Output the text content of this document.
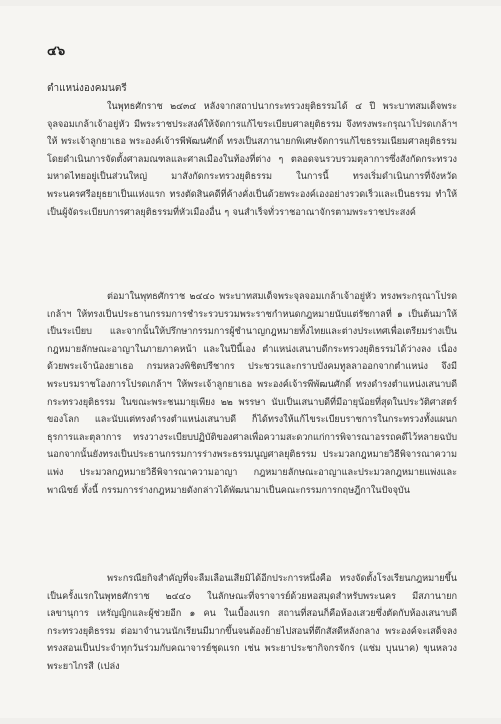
๔๖
ตำแหน่งองคมนตรี

ในพุทธศักราช ๒๔๓๔ หลังจากสถาปนากระทรวงยุติธรรมได้ ๔ ปี พระบาทสมเด็จพระจุลจอมเกล้าเจ้าอยู่หัว มีพระราชประสงค์ให้จัดการแก้ไขระเบียบศาลยุติธรรม จึงทรงพระกรุณาโปรดเกล้าฯ ให้ พระเจ้าลูกยาเธอ พระองค์เจ้ารพีพัฒนศักดิ์ ทรงเป็นสภานายกพิเศษจัดการแก้ไขธรรมเนียมศาลยุติธรรมโดยดำเนินการจัดตั้งศาลมณฑลและศาลเมืองในท้องที่ต่าง ๆ ตลอดจนรวบรวมตุลาการซึ่งสังกัดกระทรวงมหาดไทยอยู่เป็นส่วนใหญ่ มาสังกัดกระทรวงยุติธรรม ในการนี้ ทรงเริ่มดำเนินการที่จังหวัดพระนครศรีอยุธยาเป็นแห่งแรก ทรงตัดสินคดีที่ค้างคั่งเป็นด้วยพระองค์เองอย่างรวดเร็วและเป็นธรรม ทำให้เป็นผู้จัดระเบียบการศาลยุติธรรมที่หัวเมืองอื่น ๆ จนสำเร็จทั่วราชอาณาจักรตามพระราชประสงค์

ต่อมาในพุทธศักราช ๒๔๔๐ พระบาทสมเด็จพระจุลจอมเกล้าเจ้าอยู่หัว ทรงพระกรุณาโปรดเกล้าฯ ให้ทรงเป็นประธานกรรมการชำระรวบรวมพระราชกำหนดกฎหมายนับแต่รัชกาลที่ ๑ เป็นต้นมาให้เป็นระเบียบ และจากนั้นให้ปรึกษากรรมการผู้ชำนาญกฎหมายทั้งไทยและต่างประเทศเพื่อเตรียมร่างเป็นกฎหมายลักษณะอาญาในภายภาคหน้า และในปีนี้เอง ตำแหน่งเสนาบดีกระทรวงยุติธรรมได้ว่างลง เนื่องด้วยพระเจ้าน้องยาเธอ กรมหลวงพิชิตปรีชากร ประชวรและกราบบังคมทูลลาออกจากตำแหน่ง จึงมีพระบรมราชโองการโปรดเกล้าฯ ให้พระเจ้าลูกยาเธอ พระองค์เจ้ารพีพัฒนศักดิ์ ทรงดำรงตำแหน่งเสนาบดีกระทรวงยุติธรรม ในขณะพระชนมายุเพียง ๒๒ พรรษา นับเป็นเสนาบดีที่มีอายุน้อยที่สุดในประวัติศาสตร์ของโลก และนับแต่ทรงดำรงตำแหน่งเสนาบดี ก็ได้ทรงให้แก้ไขระเบียบราชการในกระทรวงทั้งแผนกธุรการและตุลาการ ทรงวางระเบียบปฏิบัติของศาลเพื่อความสะดวกแก่การพิจารณาอรรถคดีไว้หลายฉบับ นอกจากนั้นยังทรงเป็นประธานกรรมการร่างพระธรรมนูญศาลยุติธรรม ประมวลกฎหมายวิธีพิจารณาความแพ่ง ประมวลกฎหมายวิธีพิจารณาความอาญา กฎหมายลักษณะอาญาและประมวลกฎหมายแพ่งและพาณิชย์ ทั้งนี้ กรรมการร่างกฎหมายดังกล่าวได้พัฒนามาเป็นคณะกรรมการกฤษฎีกาในปัจจุบัน

พระกรณียกิจสำคัญที่จะลืมเลือนเสียมิได้อีกประการหนึ่งคือ ทรงจัดตั้งโรงเรียนกฎหมายขึ้นเป็นครั้งแรกในพุทธศักราช ๒๔๔๐ ในลักษณะที่จราจารย์ด้วยหอสมุดสำหรับพระนคร มีสภานายก เลขานุการ เหรัญญิกและผู้ช่วยอีก ๑ คน ในเบื้องแรก สถานที่สอนก็คือห้องเสวยซึ่งตัดกับห้องเสนาบดี กระทรวงยุติธรรม ต่อมาจำนวนนักเรียนมีมากขึ้นจนต้องย้ายไปสอนที่ตึกสัสดีหลังกลาง พระองค์จะเสด็จลงทรงสอนเป็นประจำทุกวันร่วมกับคณาจารย์ชุดแรก เช่น พระยาประชากิจกรจักร (แช่ม บุนนาค) ขุนหลวงพระยาไกรสี (เปล่ง
